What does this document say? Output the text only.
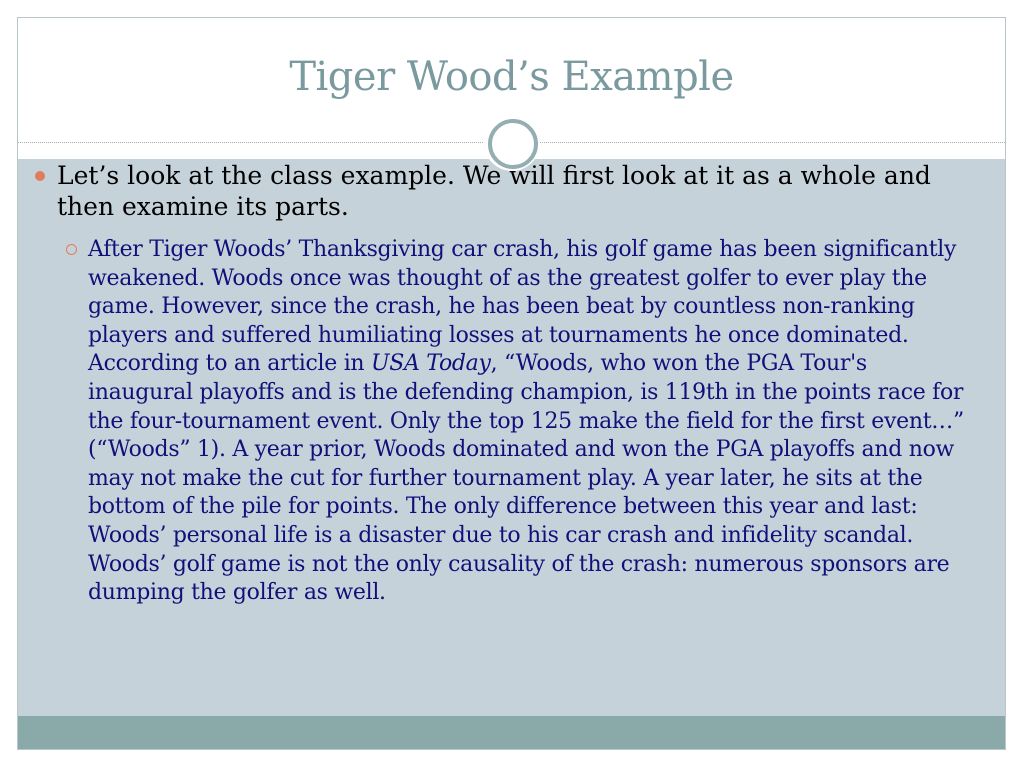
Tiger Wood’s Example
Let’s look at the class example. We will first look at it as a whole and then examine its parts.
After Tiger Woods’ Thanksgiving car crash, his golf game has been significantly weakened. Woods once was thought of as the greatest golfer to ever play the game. However, since the crash, he has been beat by countless non-ranking players and suffered humiliating losses at tournaments he once dominated. According to an article in USA Today, “Woods, who won the PGA Tour's inaugural playoffs and is the defending champion, is 119th in the points race for the four-tournament event. Only the top 125 make the field for the first event…” (“Woods” 1). A year prior, Woods dominated and won the PGA playoffs and now may not make the cut for further tournament play. A year later, he sits at the bottom of the pile for points. The only difference between this year and last: Woods’ personal life is a disaster due to his car crash and infidelity scandal. Woods’ golf game is not the only causality of the crash: numerous sponsors are dumping the golfer as well.
